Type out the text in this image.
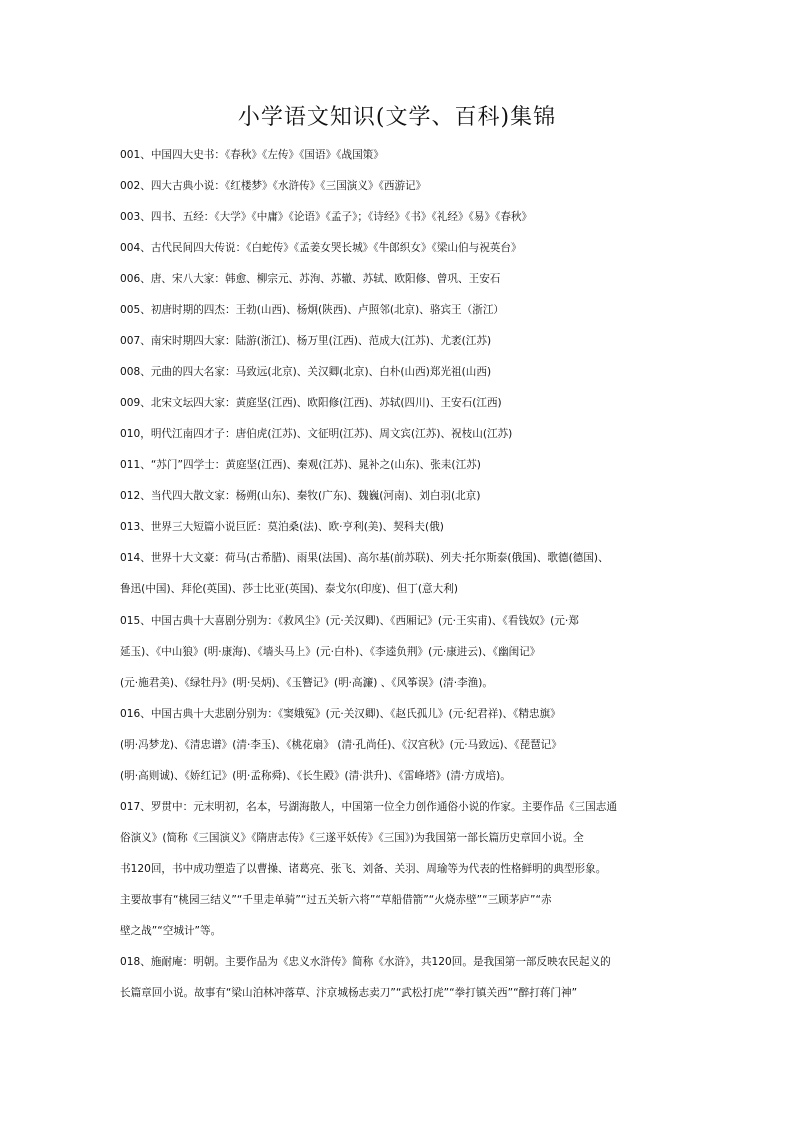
小学语文知识(文学、百科)集锦
001、中国四大史书：《春秋》《左传》《国语》《战国策》
002、四大古典小说：《红楼梦》《水浒传》《三国演义》《西游记》
003、四书、五经：《大学》《中庸》《论语》《孟子》；《诗经》《书》《礼经》《易》《春秋》
004、古代民间四大传说：《白蛇传》《孟姜女哭长城》《牛郎织女》《梁山伯与祝英台》
006、唐、宋八大家：韩愈、柳宗元、苏洵、苏辙、苏轼、欧阳修、曾巩、王安石
005、初唐时期的四杰：王勃(山西)、杨炯(陕西)、卢照邻(北京)、骆宾王（浙江）
007、南宋时期四大家：陆游(浙江)、杨万里(江西)、范成大(江苏)、尤袤(江苏)
008、元曲的四大名家：马致远(北京)、关汉卿(北京)、白朴(山西)郑光祖(山西)
009、北宋文坛四大家：黄庭坚(江西)、欧阳修(江西)、苏轼(四川)、王安石(江西)
010，明代江南四才子：唐伯虎(江苏)、文征明(江苏)、周文宾(江苏)、祝枝山(江苏)
011、“苏门”四学士：黄庭坚(江西)、秦观(江苏)、晁补之(山东)、张耒(江苏)
012、当代四大散文家：杨朔(山东)、秦牧(广东)、魏巍(河南)、刘白羽(北京)
013、世界三大短篇小说巨匠：莫泊桑(法)、欧·亨利(美)、契科夫(俄)
014、世界十大文豪：荷马(古希腊)、雨果(法国)、高尔基(前苏联)、列夫·托尔斯泰(俄国)、歌德(德国)、
鲁迅(中国)、拜伦(英国)、莎士比亚(英国)、泰戈尔(印度)、但丁(意大利)
015、中国古典十大喜剧分别为：《救风尘》(元·关汉卿)、《西厢记》(元·王实甫)、《看钱奴》(元·郑
延玉)、《中山狼》(明·康海)、《墙头马上》(元·白朴)、《李逵负荆》(元·康进云)、《幽闺记》
(元·施君美)、《绿牡丹》(明·吴炳)、《玉簪记》(明·高濂) 、《风筝误》(清·李渔)。
016、中国古典十大悲剧分别为：《窦娥冤》(元·关汉卿)、《赵氏孤儿》(元·纪君祥)、《精忠旗》
(明·冯梦龙)、《清忠谱》(清·李玉)、《桃花扇》 (清·孔尚任)、《汉宫秋》(元·马致远)、《琵琶记》
(明·高则诚)、《娇红记》(明·孟称舜)、《长生殿》(清·洪升)、《雷峰塔》(清·方成培)。
017、罗贯中：元末明初，名本，号湖海散人，中国第一位全力创作通俗小说的作家。主要作品《三国志通
俗演义》(简称《三国演义》《隋唐志传》《三遂平妖传》《三国》)为我国第一部长篇历史章回小说。全
书120回，书中成功塑造了以曹操、诸葛亮、张飞、刘备、关羽、周瑜等为代表的性格鲜明的典型形象。
主要故事有“桃园三结义”“千里走单骑”“过五关斩六将”“草船借箭”“火烧赤壁”“三顾茅庐”“赤
壁之战”“空城计”等。
018、施耐庵：明朝。主要作品为《忠义水浒传》简称《水浒》，共120回。是我国第一部反映农民起义的
长篇章回小说。故事有“梁山泊林冲落草、汴京城杨志卖刀”“武松打虎”“拳打镇关西”“醉打蒋门神”
